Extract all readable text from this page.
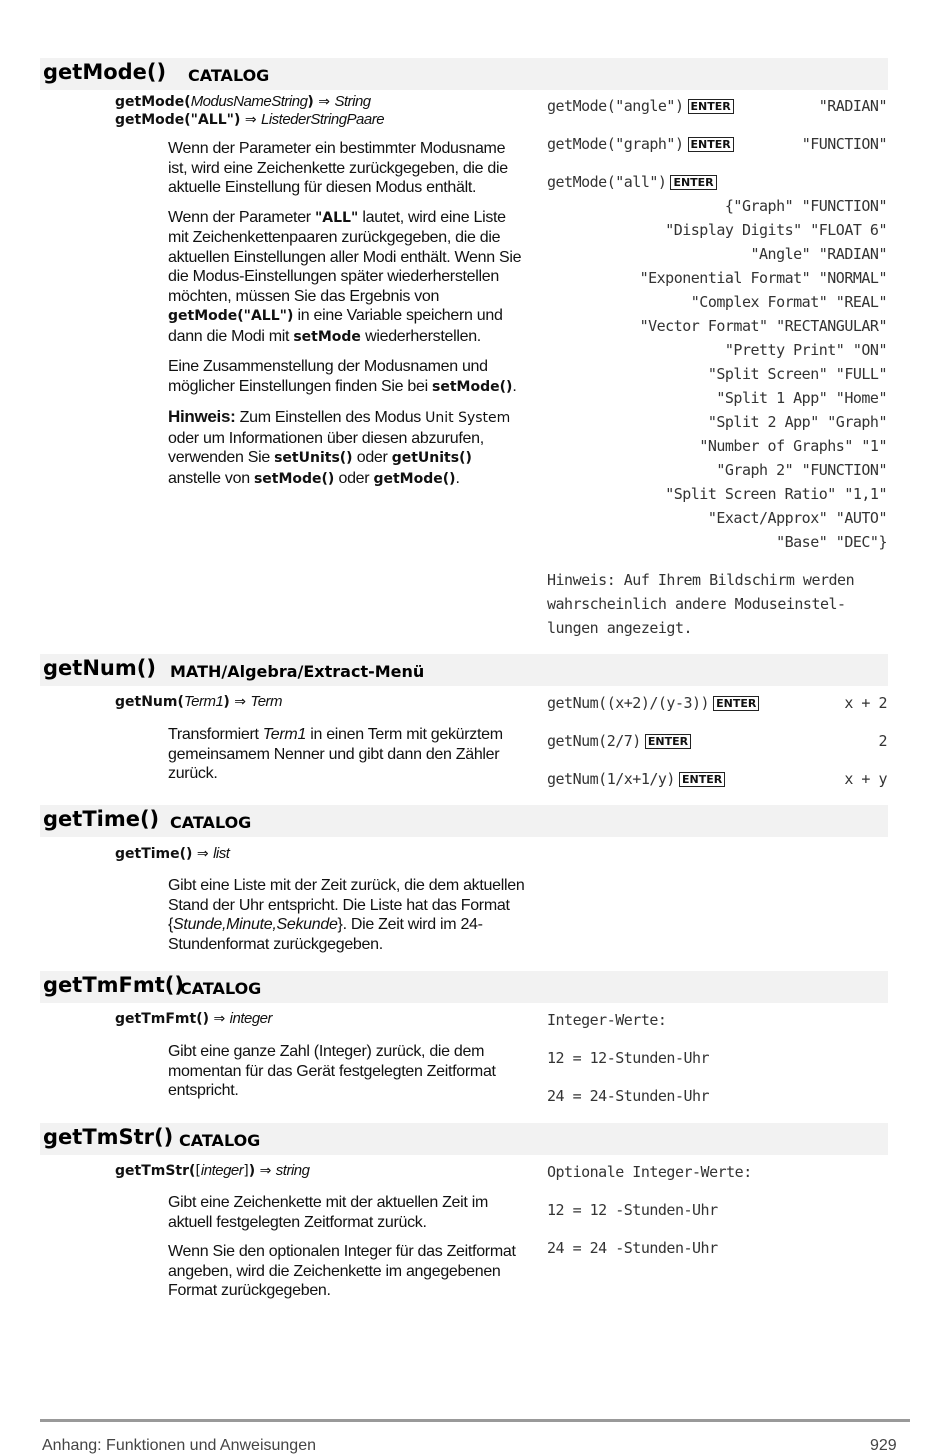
getMode() CATALOG
getMode(ModusNameString) ⇒ String
getMode("ALL") ⇒ ListederStringPaare

Wenn der Parameter ein bestimmter Modusname ist, wird eine Zeichenkette zurückgegeben, die die aktuelle Einstellung für diesen Modus enthält.

Wenn der Parameter "ALL" lautet, wird eine Liste mit Zeichenkettenpaaren zurückgegeben, die die aktuellen Einstellungen aller Modi enthält. Wenn Sie die Modus-Einstellungen später wiederherstellen möchten, müssen Sie das Ergebnis von getMode("ALL") in eine Variable speichern und dann die Modi mit setMode wiederherstellen.

Eine Zusammenstellung der Modusnamen und möglicher Einstellungen finden Sie bei setMode().

Hinweis: Zum Einstellen des Modus Unit System oder um Informationen über diesen abzurufen, verwenden Sie setUnits() oder getUnits() anstelle von setMode() oder getMode().

getMode("angle") ENTER	"RADIAN"
getMode("graph") ENTER	"FUNCTION"
getMode("all") ENTER
{"Graph" "FUNCTION"
"Display Digits" "FLOAT 6"
"Angle" "RADIAN"
"Exponential Format" "NORMAL"
"Complex Format" "REAL"
"Vector Format" "RECTANGULAR"
"Pretty Print" "ON"
"Split Screen" "FULL"
"Split 1 App" "Home"
"Split 2 App" "Graph"
"Number of Graphs" "1"
"Graph 2" "FUNCTION"
"Split Screen Ratio" "1,1"
"Exact/Approx" "AUTO"
"Base" "DEC"}
Hinweis: Auf Ihrem Bildschirm werden
wahrscheinlich andere Moduseinstel-
lungen angezeigt.
getNum() MATH/Algebra/Extract-Menü
getNum(Term1) ⇒ Term

Transformiert Term1 in einen Term mit gekürztem gemeinsamem Nenner und gibt dann den Zähler zurück.

getNum((x+2)/(y-3)) ENTER	x + 2
getNum(2/7) ENTER	2
getNum(1/x+1/y) ENTER	x + y
getTime() CATALOG
getTime() ⇒ list

Gibt eine Liste mit der Zeit zurück, die dem aktuellen Stand der Uhr entspricht. Die Liste hat das Format {Stunde,Minute,Sekunde}. Die Zeit wird im 24-Stundenformat zurückgegeben.

getTmFmt()
CATALOG
getTmFmt() ⇒ integer

Gibt eine ganze Zahl (Integer) zurück, die dem momentan für das Gerät festgelegten Zeitformat entspricht.

Integer-Werte:
12 = 12-Stunden-Uhr
24 = 24-Stunden-Uhr
getTmStr() CATALOG
getTmStr([integer]) ⇒ string

Gibt eine Zeichenkette mit der aktuellen Zeit im aktuell festgelegten Zeitformat zurück.

Wenn Sie den optionalen Integer für das Zeitformat angeben, wird die Zeichenkette im angegebenen Format zurückgegeben.

Optionale Integer-Werte:
12 = 12 -Stunden-Uhr
24 = 24 -Stunden-Uhr
Anhang: Funktionen und Anweisungen	929
